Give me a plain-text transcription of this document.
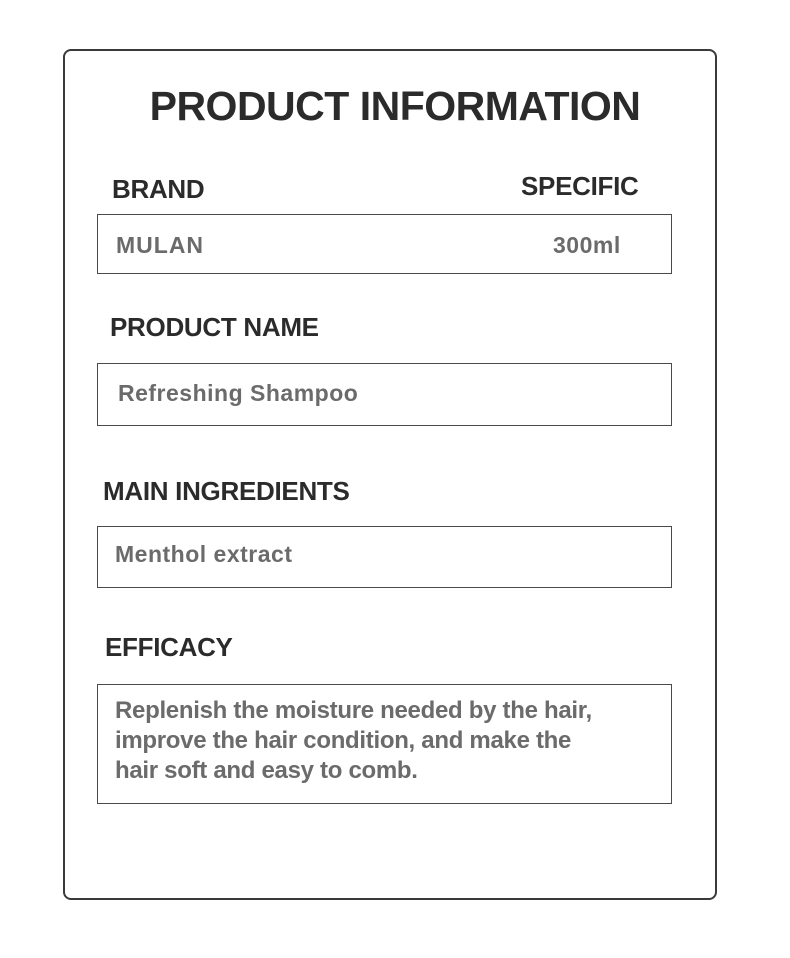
PRODUCT INFORMATION
BRAND	SPECIFIC
MULAN	300ml
PRODUCT NAME
Refreshing Shampoo
MAIN INGREDIENTS
Menthol extract
EFFICACY
Replenish the moisture needed by the hair,
improve the hair condition, and make the
hair soft and easy to comb.
